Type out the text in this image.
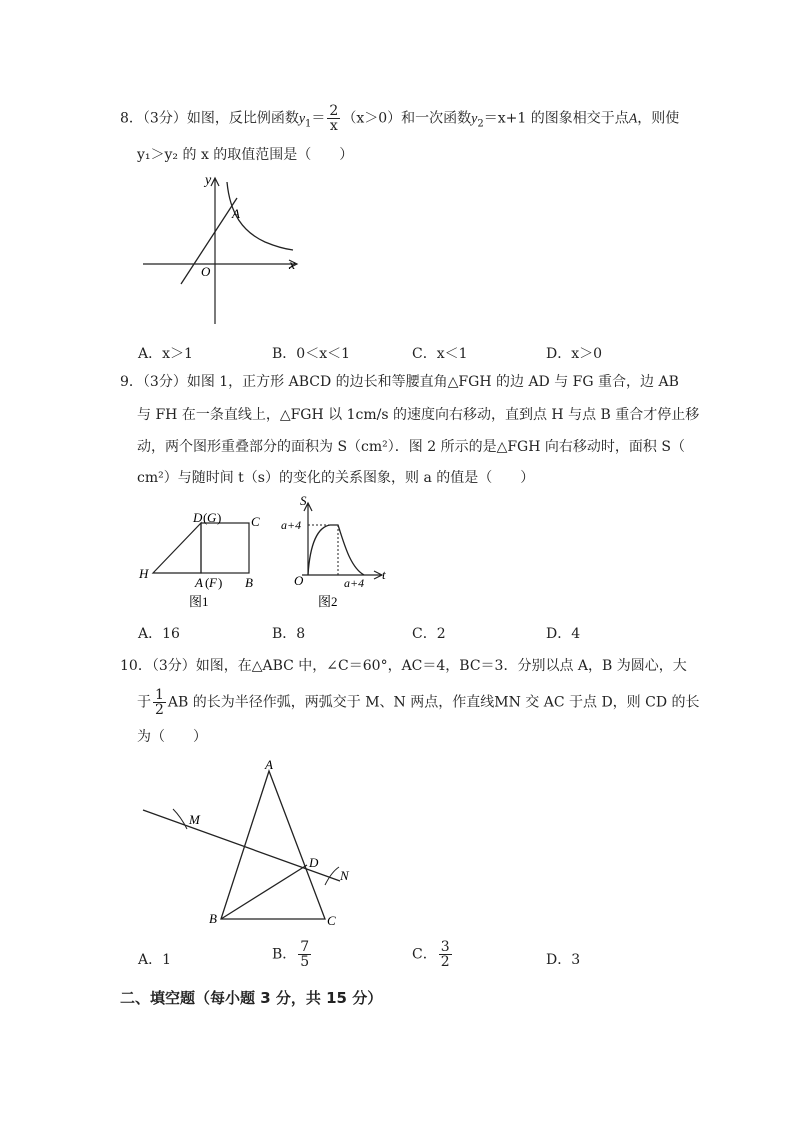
8．（3分）如图，反比例函数$y_1= \frac{2}{x} (x>0)$和一次函数$y_2=x+1$ 的图象相交于点A，则使
y₁＞y₂ 的 x 的取值范围是（　　）
y
x
O
A
A．x＞1	B．0＜x＜1	C．x＜1	D．x＞0
9．（3分）如图 1，正方形 ABCD 的边长和等腰直角△FGH 的边 AD 与 FG 重合，边 AB
与 FH 在一条直线上，△FGH 以 1cm/s 的速度向右移动，直到点 H 与点 B 重合才停止移
动，两个图形重叠部分的面积为 S（cm²）．图 2 所示的是△FGH 向右移动时，面积 S（
cm²）与随时间 t（s）的变化的关系图象，则 a 的值是（　　）
D ( G ) C
H
A ( F ) B
图1
S
t
O
a+4
a+4
图2
A．16	B．8	C．2	D．4
10．（3分）如图，在△ABC 中，∠C＝60°，AC＝4，BC＝3．分别以点 A，B 为圆心，大
于 $\frac{1}{2}$ AB 的长为半径作弧，两弧交于 M、N 两点，作直线MN 交 AC 于点 D，则 CD 的长
为（　　）
A
B	C
D
M
N
A．1	B． $\frac{7}{5}$	C． $\frac{3}{2}$	D．3
二、填空题（每小题 3 分，共 15 分）
